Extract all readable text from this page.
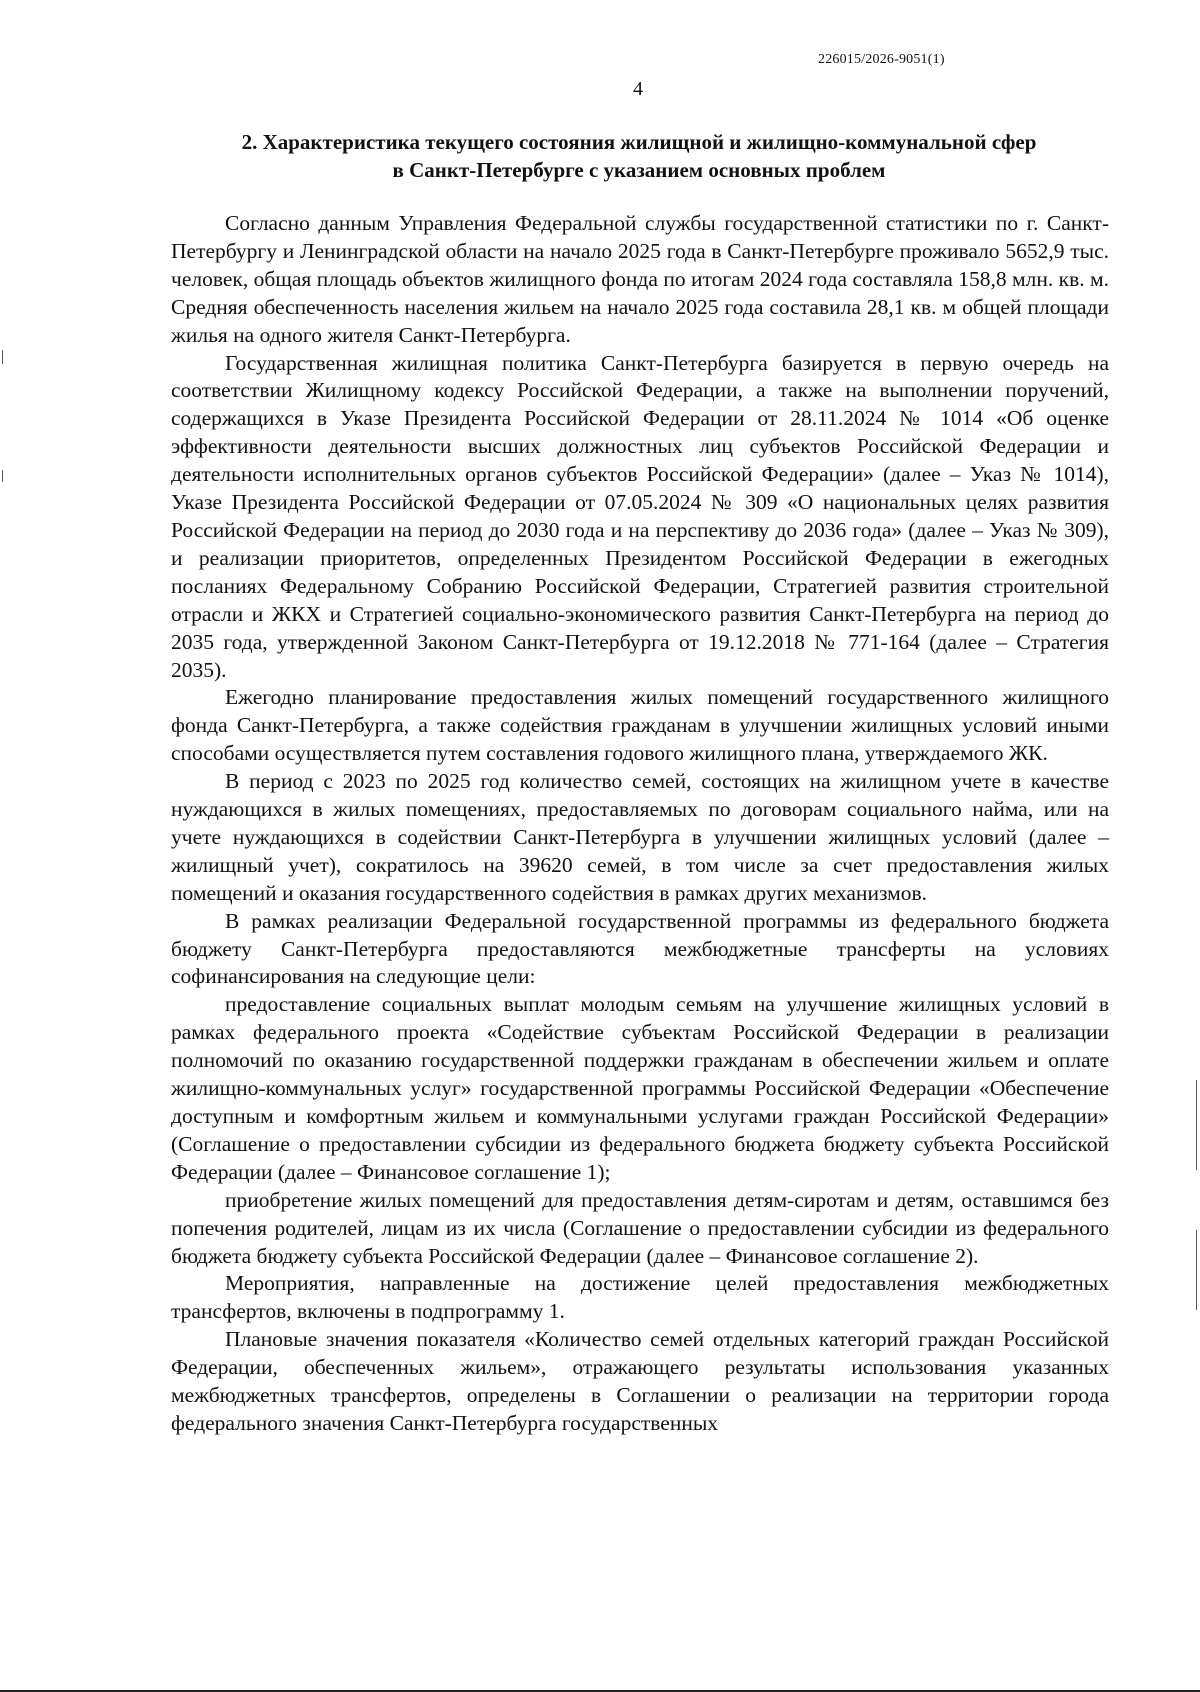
226015/2026-9051(1)
4
2. Характеристика текущего состояния жилищной и жилищно-коммунальной сфер
в Санкт-Петербурге с указанием основных проблем

Согласно данным Управления Федеральной службы государственной статистики по г. Санкт-Петербургу и Ленинградской области на начало 2025 года в Санкт-Петербурге проживало 5652,9 тыс. человек, общая площадь объектов жилищного фонда по итогам 2024 года составляла 158,8 млн. кв. м. Средняя обеспеченность населения жильем на начало 2025 года составила 28,1 кв. м общей площади жилья на одного жителя Санкт-Петербурга.

Государственная жилищная политика Санкт-Петербурга базируется в первую очередь на соответствии Жилищному кодексу Российской Федерации, а также на выполнении поручений, содержащихся в Указе Президента Российской Федерации от 28.11.2024 № 1014 «Об оценке эффективности деятельности высших должностных лиц субъектов Российской Федерации и деятельности исполнительных органов субъектов Российской Федерации» (далее – Указ № 1014), Указе Президента Российской Федерации от 07.05.2024 № 309 «О национальных целях развития Российской Федерации на период до 2030 года и на перспективу до 2036 года» (далее – Указ № 309), и реализации приоритетов, определенных Президентом Российской Федерации в ежегодных посланиях Федеральному Собранию Российской Федерации, Стратегией развития строительной отрасли и ЖКХ и Стратегией социально-экономического развития Санкт-Петербурга на период до 2035 года, утвержденной Законом Санкт-Петербурга от 19.12.2018 № 771-164 (далее – Стратегия 2035).

Ежегодно планирование предоставления жилых помещений государственного жилищного фонда Санкт-Петербурга, а также содействия гражданам в улучшении жилищных условий иными способами осуществляется путем составления годового жилищного плана, утверждаемого ЖК.

В период с 2023 по 2025 год количество семей, состоящих на жилищном учете в качестве нуждающихся в жилых помещениях, предоставляемых по договорам социального найма, или на учете нуждающихся в содействии Санкт-Петербурга в улучшении жилищных условий (далее – жилищный учет), сократилось на 39620 семей, в том числе за счет предоставления жилых помещений и оказания государственного содействия в рамках других механизмов.

В рамках реализации Федеральной государственной программы из федерального бюджета бюджету Санкт-Петербурга предоставляются межбюджетные трансферты на условиях софинансирования на следующие цели:

предоставление социальных выплат молодым семьям на улучшение жилищных условий в рамках федерального проекта «Содействие субъектам Российской Федерации в реализации полномочий по оказанию государственной поддержки гражданам в обеспечении жильем и оплате жилищно-коммунальных услуг» государственной программы Российской Федерации «Обеспечение доступным и комфортным жильем и коммунальными услугами граждан Российской Федерации» (Соглашение о предоставлении субсидии из федерального бюджета бюджету субъекта Российской Федерации (далее – Финансовое соглашение 1);

приобретение жилых помещений для предоставления детям-сиротам и детям, оставшимся без попечения родителей, лицам из их числа (Соглашение о предоставлении субсидии из федерального бюджета бюджету субъекта Российской Федерации (далее – Финансовое соглашение 2).

Мероприятия, направленные на достижение целей предоставления межбюджетных трансфертов, включены в подпрограмму 1.

Плановые значения показателя «Количество семей отдельных категорий граждан Российской Федерации, обеспеченных жильем», отражающего результаты использования указанных межбюджетных трансфертов, определены в Соглашении о реализации на территории города федерального значения Санкт-Петербурга государственных
